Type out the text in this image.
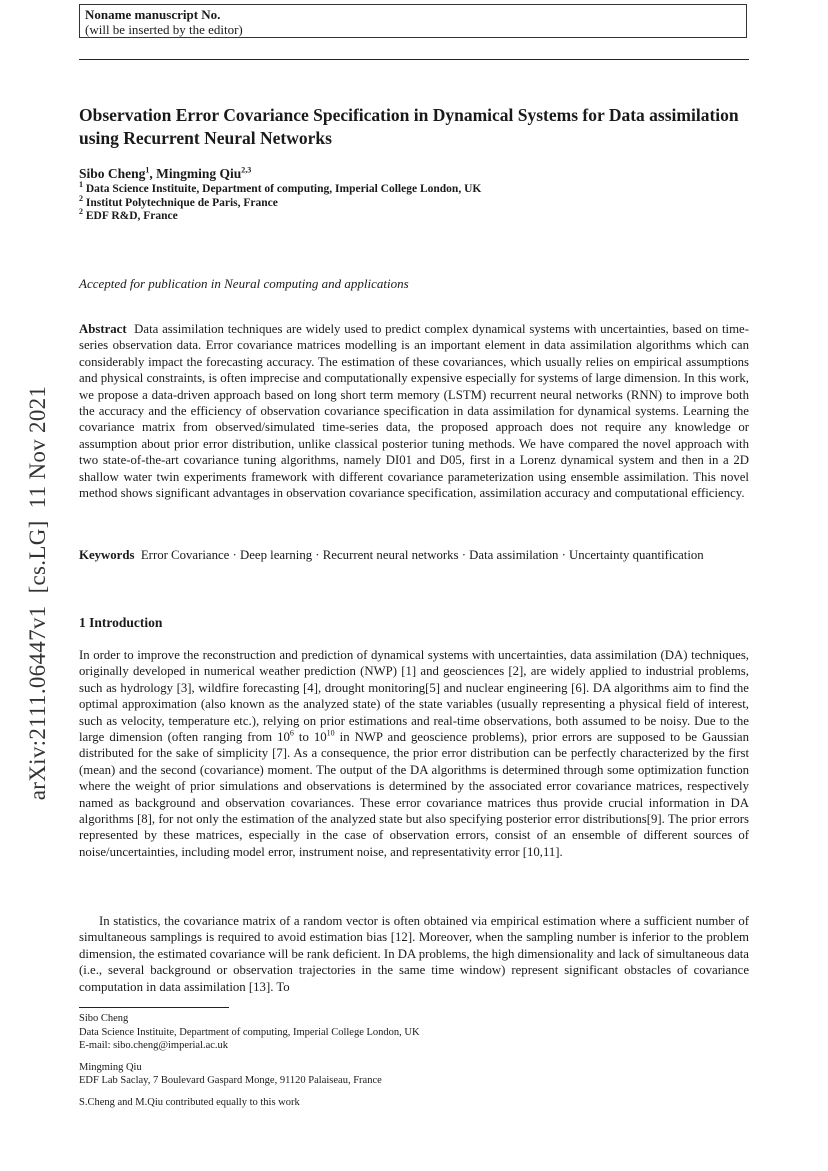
Noname manuscript No.
(will be inserted by the editor)
Observation Error Covariance Specification in Dynamical Systems for Data assimilation using Recurrent Neural Networks
Sibo Cheng$^1$, Mingming Qiu$^{2,3}$
$^1$ Data Science Instituite, Department of computing, Imperial College London, UK
$^2$ Institut Polytechnique de Paris, France
$^2$ EDF R&D, France
Accepted for publication in Neural computing and applications
Abstract Data assimilation techniques are widely used to predict complex dynamical systems with uncertainties, based on time-series observation data. Error covariance matrices modelling is an important element in data assimilation algorithms which can considerably impact the forecasting accuracy. The estimation of these covariances, which usually relies on empirical assumptions and physical constraints, is often imprecise and computationally expensive especially for systems of large dimension. In this work, we propose a data-driven approach based on long short term memory (LSTM) recurrent neural networks (RNN) to improve both the accuracy and the efficiency of observation covariance specification in data assimilation for dynamical systems. Learning the covariance matrix from observed/simulated time-series data, the proposed approach does not require any knowledge or assumption about prior error distribution, unlike classical posterior tuning methods. We have compared the novel approach with two state-of-the-art covariance tuning algorithms, namely DI01 and D05, first in a Lorenz dynamical system and then in a 2D shallow water twin experiments framework with different covariance parameterization using ensemble assimilation. This novel method shows significant advantages in observation covariance specification, assimilation accuracy and computational efficiency.
Keywords Error Covariance · Deep learning · Recurrent neural networks · Data assimilation · Uncertainty quantification
1 Introduction
In order to improve the reconstruction and prediction of dynamical systems with uncertainties, data assimilation (DA) techniques, originally developed in numerical weather prediction (NWP) [1] and geosciences [2], are widely applied to industrial problems, such as hydrology [3], wildfire forecasting [4], drought monitoring[5] and nuclear engineering [6]. DA algorithms aim to find the optimal approximation (also known as the analyzed state) of the state variables (usually representing a physical field of interest, such as velocity, temperature etc.), relying on prior estimations and real-time observations, both assumed to be noisy. Due to the large dimension (often ranging from $10^6$ to $10^{10}$ in NWP and geoscience problems), prior errors are supposed to be Gaussian distributed for the sake of simplicity [7]. As a consequence, the prior error distribution can be perfectly characterized by the first (mean) and the second (covariance) moment. The output of the DA algorithms is determined through some optimization function where the weight of prior simulations and observations is determined by the associated error covariance matrices, respectively named as background and observation covariances. These error covariance matrices thus provide crucial information in DA algorithms [8], for not only the estimation of the analyzed state but also specifying posterior error distributions[9]. The prior errors represented by these matrices, especially in the case of observation errors, consist of an ensemble of different sources of noise/uncertainties, including model error, instrument noise, and representativity error [10,11].
In statistics, the covariance matrix of a random vector is often obtained via empirical estimation where a sufficient number of simultaneous samplings is required to avoid estimation bias [12]. Moreover, when the sampling number is inferior to the problem dimension, the estimated covariance will be rank deficient. In DA problems, the high dimensionality and lack of simultaneous data (i.e., several background or observation trajectories in the same time window) represent significant obstacles of covariance computation in data assimilation [13]. To
Sibo Cheng
Data Science Instituite, Department of computing, Imperial College London, UK
E-mail: sibo.cheng@imperial.ac.uk
Mingming Qiu
EDF Lab Saclay, 7 Boulevard Gaspard Monge, 91120 Palaiseau, France
S.Cheng and M.Qiu contributed equally to this work
arXiv:2111.06447v1  [cs.LG]  11 Nov 2021
